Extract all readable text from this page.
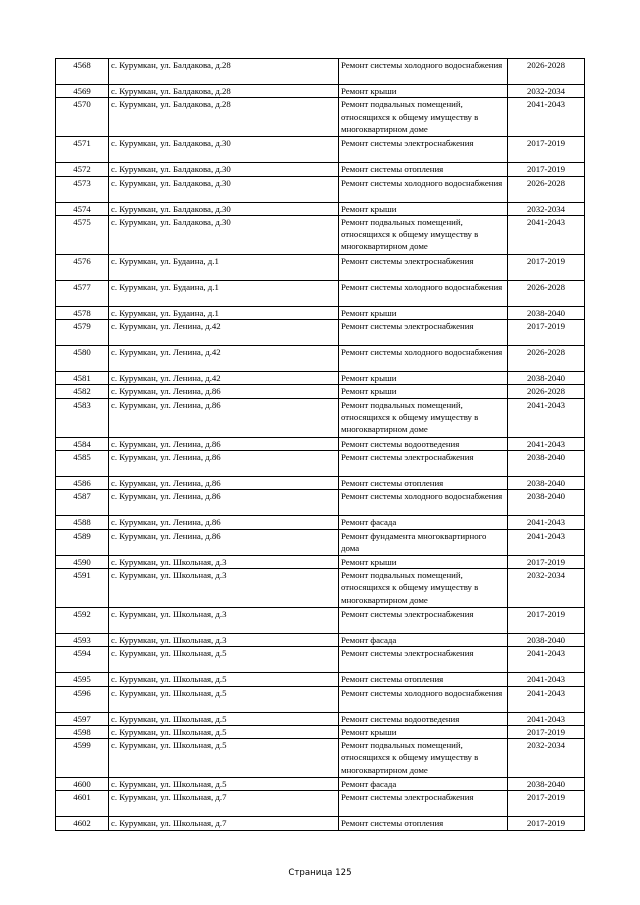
4568	с. Курумкан, ул. Балдакова, д.28	Ремонт системы холодного водоснабжения	2026-2028
4569	с. Курумкан, ул. Балдакова, д.28	Ремонт крыши	2032-2034
4570	с. Курумкан, ул. Балдакова, д.28	Ремонт подвальных помещений, относящихся к общему имуществу в многоквартирном доме	2041-2043
4571	с. Курумкан, ул. Балдакова, д.30	Ремонт системы электроснабжения	2017-2019
4572	с. Курумкан, ул. Балдакова, д.30	Ремонт системы отопления	2017-2019
4573	с. Курумкан, ул. Балдакова, д.30	Ремонт системы холодного водоснабжения	2026-2028
4574	с. Курумкан, ул. Балдакова, д.30	Ремонт крыши	2032-2034
4575	с. Курумкан, ул. Балдакова, д.30	Ремонт подвальных помещений, относящихся к общему имуществу в многоквартирном доме	2041-2043
4576	с. Курумкан, ул. Будаина, д.1	Ремонт системы электроснабжения	2017-2019
4577	с. Курумкан, ул. Будаина, д.1	Ремонт системы холодного водоснабжения	2026-2028
4578	с. Курумкан, ул. Будаина, д.1	Ремонт крыши	2038-2040
4579	с. Курумкан, ул. Ленина, д.42	Ремонт системы электроснабжения	2017-2019
4580	с. Курумкан, ул. Ленина, д.42	Ремонт системы холодного водоснабжения	2026-2028
4581	с. Курумкан, ул. Ленина, д.42	Ремонт крыши	2038-2040
4582	с. Курумкан, ул. Ленина, д.86	Ремонт крыши	2026-2028
4583	с. Курумкан, ул. Ленина, д.86	Ремонт подвальных помещений, относящихся к общему имуществу в многоквартирном доме	2041-2043
4584	с. Курумкан, ул. Ленина, д.86	Ремонт системы водоотведения	2041-2043
4585	с. Курумкан, ул. Ленина, д.86	Ремонт системы электроснабжения	2038-2040
4586	с. Курумкан, ул. Ленина, д.86	Ремонт системы отопления	2038-2040
4587	с. Курумкан, ул. Ленина, д.86	Ремонт системы холодного водоснабжения	2038-2040
4588	с. Курумкан, ул. Ленина, д.86	Ремонт фасада	2041-2043
4589	с. Курумкан, ул. Ленина, д.86	Ремонт фундамента многоквартирного дома	2041-2043
4590	с. Курумкан, ул. Школьная, д.3	Ремонт крыши	2017-2019
4591	с. Курумкан, ул. Школьная, д.3	Ремонт подвальных помещений, относящихся к общему имуществу в многоквартирном доме	2032-2034
4592	с. Курумкан, ул. Школьная, д.3	Ремонт системы электроснабжения	2017-2019
4593	с. Курумкан, ул. Школьная, д.3	Ремонт фасада	2038-2040
4594	с. Курумкан, ул. Школьная, д.5	Ремонт системы электроснабжения	2041-2043
4595	с. Курумкан, ул. Школьная, д.5	Ремонт системы отопления	2041-2043
4596	с. Курумкан, ул. Школьная, д.5	Ремонт системы холодного водоснабжения	2041-2043
4597	с. Курумкан, ул. Школьная, д.5	Ремонт системы водоотведения	2041-2043
4598	с. Курумкан, ул. Школьная, д.5	Ремонт крыши	2017-2019
4599	с. Курумкан, ул. Школьная, д.5	Ремонт подвальных помещений, относящихся к общему имуществу в многоквартирном доме	2032-2034
4600	с. Курумкан, ул. Школьная, д.5	Ремонт фасада	2038-2040
4601	с. Курумкан, ул. Школьная, д.7	Ремонт системы электроснабжения	2017-2019
4602	с. Курумкан, ул. Школьная, д.7	Ремонт системы отопления	2017-2019
Страница 125
